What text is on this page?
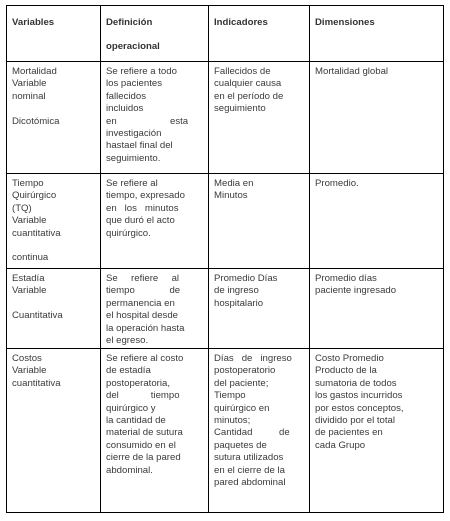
Variables	Definición
operacional
Indicadores	Dimensiones
Mortalidad
Variable
nominal
Dicotómica
Se refiere a todo
los pacientes
fallecidos
incluidos
en                    esta
investigación
hastael final del
seguimiento.
Fallecidos de
cualquier causa
en el período de
seguimiento
Mortalidad global
Tiempo
Quirúrgico
(TQ)
Variable
cuantitativa
continua
Se refiere al
tiempo, expresado
en   los   minutos
que duró el acto
quirúrgico.
Media en
Minutos
Promedio.
Estadía
Variable
Cuantitativa
Se     refiere     al
tiempo             de
permanencia en
el hospital desde
la operación hasta
el egreso.
Promedio Días
de ingreso
hospitalario
Promedio días
paciente ingresado
Costos
Variable
cuantitativa
Se refiere al costo
de estadía
postoperatoria,
del            tiempo
quirúrgico y
la cantidad de
material de sutura
consumido en el
cierre de la pared
abdominal.
Días   de   ingreso
postoperatorio
del paciente;
Tiempo
quirúrgico en
minutos;
Cantidad          de
paquetes de
sutura utilizados
en el cierre de la
pared abdominal
Costo Promedio
Producto de la
sumatoria de todos
los gastos incurridos
por estos conceptos,
dividido por el total
de pacientes en
cada Grupo
